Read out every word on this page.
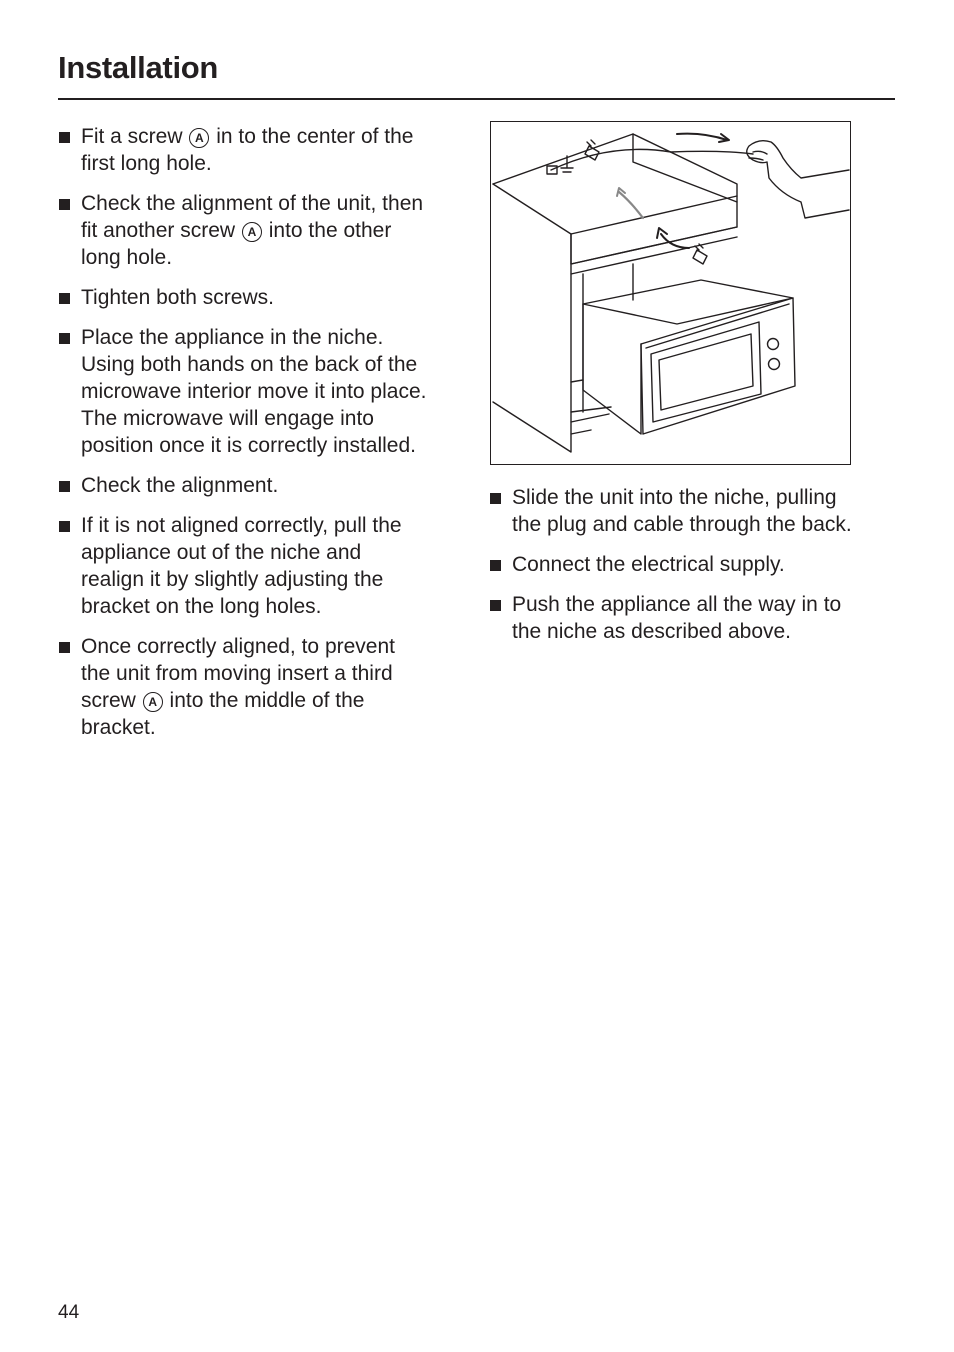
Installation
Fit a screw A in to the center of the
first long hole.
Check the alignment of the unit, then
fit another screw A into the other
long hole.
Tighten both screws.
Place the appliance in the niche.
Using both hands on the back of the
microwave interior move it into place.
The microwave will engage into
position once it is correctly installed.
Check the alignment.
If it is not aligned correctly, pull the
appliance out of the niche and
realign it by slightly adjusting the
bracket on the long holes.
Once correctly aligned, to prevent
the unit from moving insert a third
screw A into the middle of the
bracket.
Slide the unit into the niche, pulling
the plug and cable through the back.
Connect the electrical supply.
Push the appliance all the way in to
the niche as described above.
44
